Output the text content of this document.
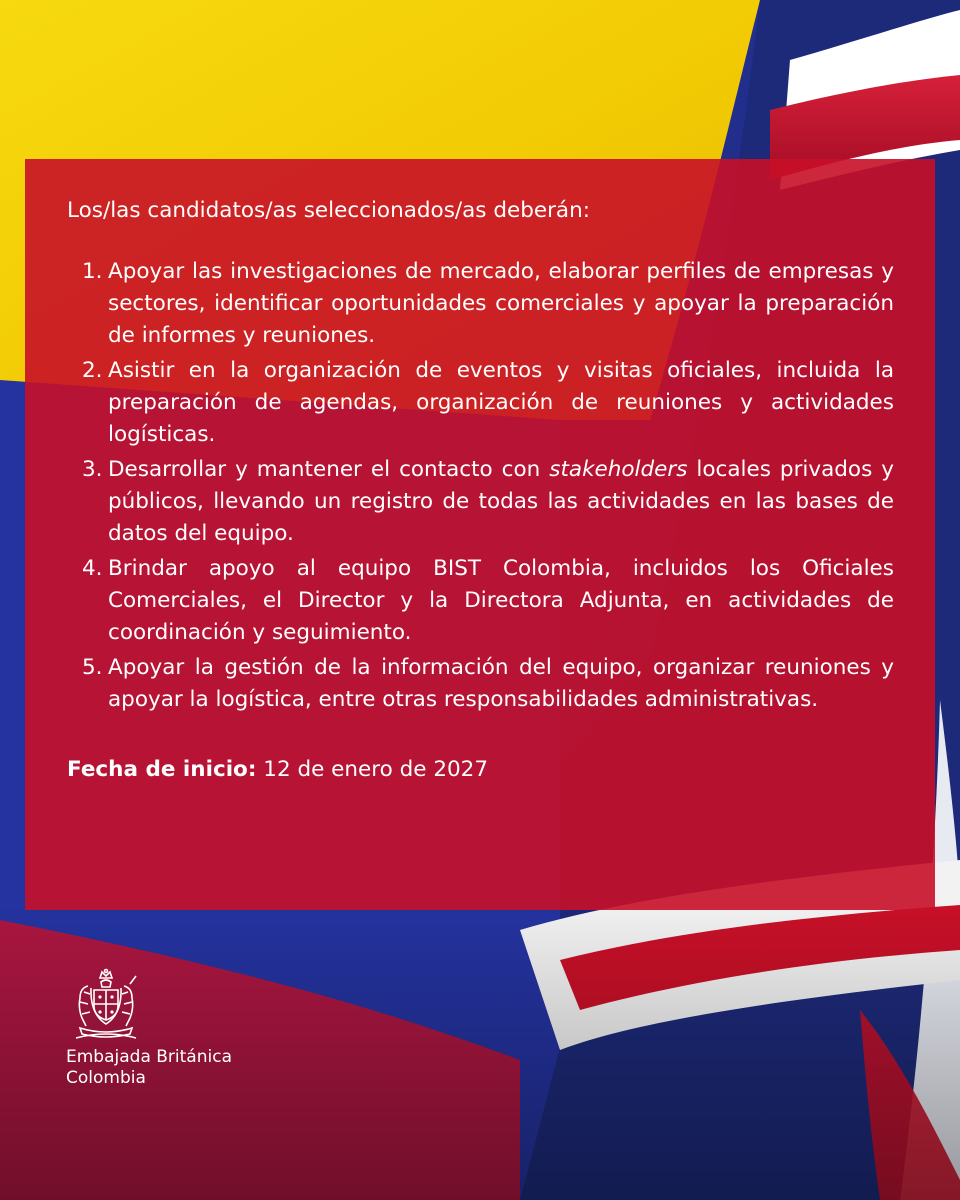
Los/las candidatos/as seleccionados/as deberán:

1. Apoyar las investigaciones de mercado, elaborar perfiles de empresas y sectores, identificar oportunidades comerciales y apoyar la preparación de informes y reuniones.
2. Asistir en la organización de eventos y visitas oficiales, incluida la preparación de agendas, organización de reuniones y actividades logísticas.
3. Desarrollar y mantener el contacto con stakeholders locales privados y públicos, llevando un registro de todas las actividades en las bases de datos del equipo.
4. Brindar apoyo al equipo BIST Colombia, incluidos los Oficiales Comerciales, el Director y la Directora Adjunta, en actividades de coordinación y seguimiento.
5. Apoyar la gestión de la información del equipo, organizar reuniones y apoyar la logística, entre otras responsabilidades administrativas.

Fecha de inicio: 12 de enero de 2027

Embajada Británica
Colombia
